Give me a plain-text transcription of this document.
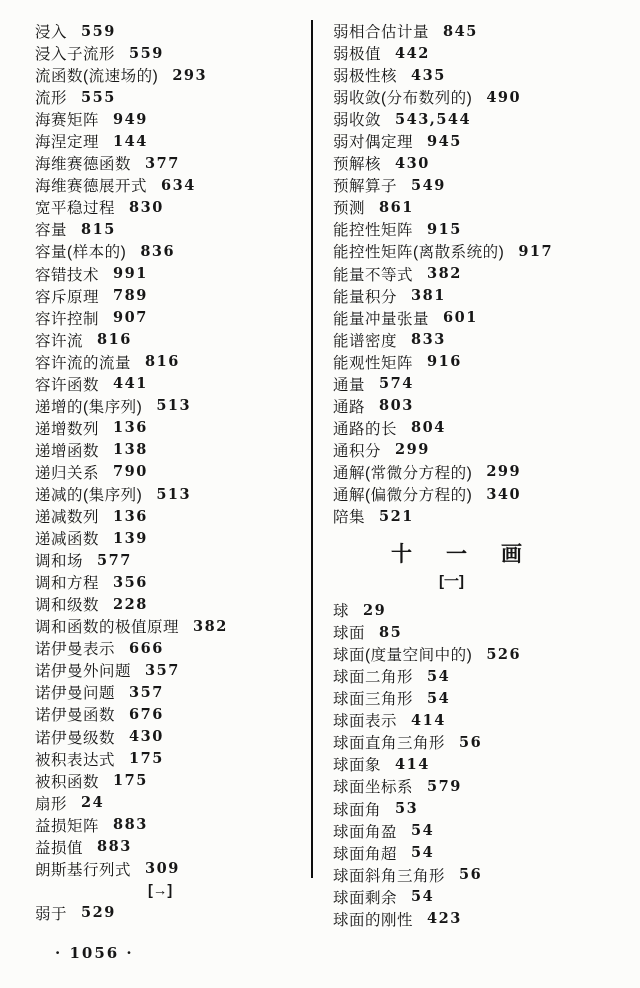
浸入 559
浸入子流形 559
流函数(流速场的) 293
流形 555
海赛矩阵 949
海涅定理 144
海维赛德函数 377
海维赛德展开式 634
宽平稳过程 830
容量 815
容量(样本的) 836
容错技术 991
容斥原理 789
容许控制 907
容许流 816
容许流的流量 816
容许函数 441
递增的(集序列) 513
递增数列 136
递增函数 138
递归关系 790
递减的(集序列) 513
递减数列 136
递减函数 139
调和场 577
调和方程 356
调和级数 228
调和函数的极值原理 382
诺伊曼表示 666
诺伊曼外问题 357
诺伊曼问题 357
诺伊曼函数 676
诺伊曼级数 430
被积表达式 175
被积函数 175
扇形 24
益损矩阵 883
益损值 883
朗斯基行列式 309
[→]
弱于 529
弱相合估计量 845
弱极值 442
弱极性核 435
弱收敛(分布数列的) 490
弱收敛 543,544
弱对偶定理 945
预解核 430
预解算子 549
预测 861
能控性矩阵 915
能控性矩阵(离散系统的) 917
能量不等式 382
能量积分 381
能量冲量张量 601
能谱密度 833
能观性矩阵 916
通量 574
通路 803
通路的长 804
通积分 299
通解(常微分方程的) 299
通解(偏微分方程的) 340
陪集 521
十 一 画
[一]
球 29
球面 85
球面(度量空间中的) 526
球面二角形 54
球面三角形 54
球面表示 414
球面直角三角形 56
球面象 414
球面坐标系 579
球面角 53
球面角盈 54
球面角超 54
球面斜角三角形 56
球面剩余 54
球面的刚性 423
· 1056 ·
